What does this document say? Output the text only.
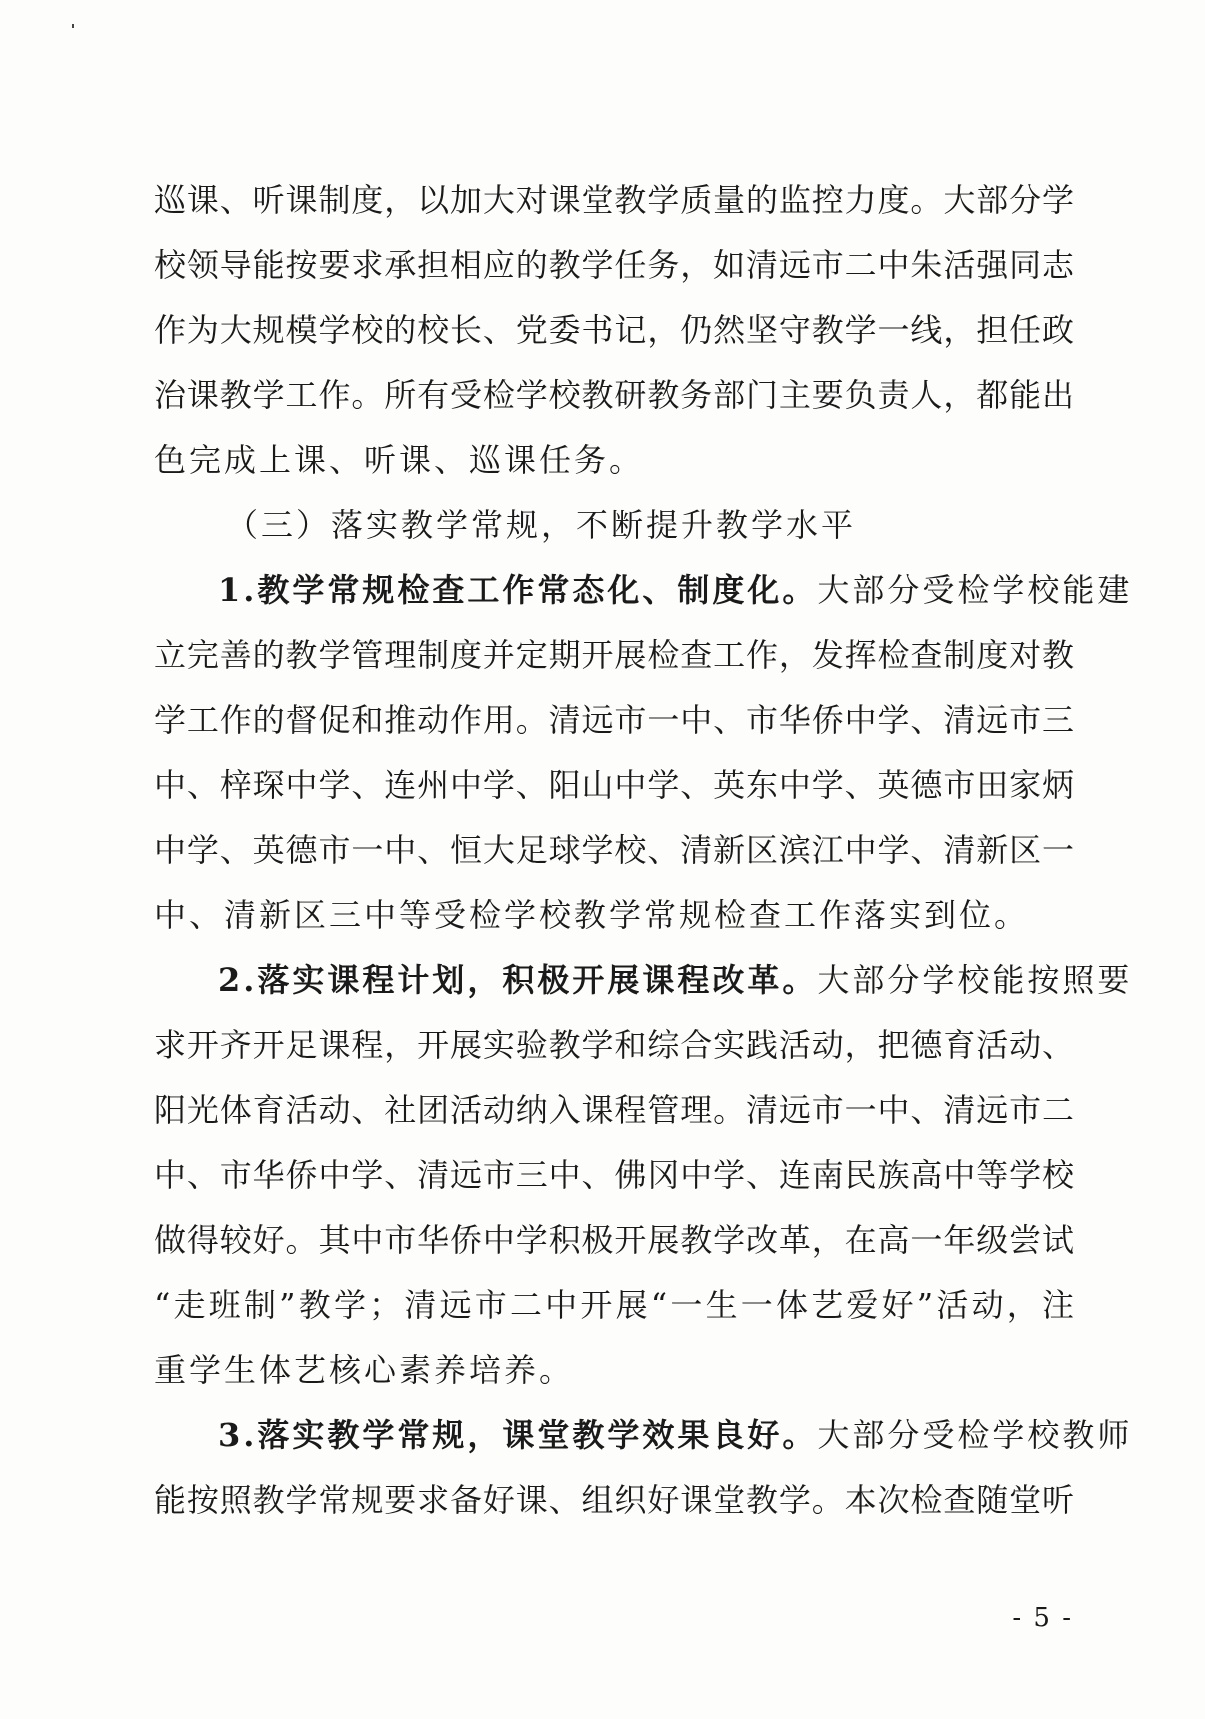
巡课、听课制度，以加大对课堂教学质量的监控力度。大部分学
校领导能按要求承担相应的教学任务，如清远市二中朱活强同志
作为大规模学校的校长、党委书记，仍然坚守教学一线，担任政
治课教学工作。所有受检学校教研教务部门主要负责人，都能出
色完成上课、听课、巡课任务。
（三）落实教学常规，不断提升教学水平
1.教学常规检查工作常态化、制度化。大部分受检学校能建
立完善的教学管理制度并定期开展检查工作，发挥检查制度对教
学工作的督促和推动作用。清远市一中、市华侨中学、清远市三
中、梓琛中学、连州中学、阳山中学、英东中学、英德市田家炳
中学、英德市一中、恒大足球学校、清新区滨江中学、清新区一
中、清新区三中等受检学校教学常规检查工作落实到位。
2.落实课程计划，积极开展课程改革。大部分学校能按照要
求开齐开足课程，开展实验教学和综合实践活动，把德育活动、
阳光体育活动、社团活动纳入课程管理。清远市一中、清远市二
中、市华侨中学、清远市三中、佛冈中学、连南民族高中等学校
做得较好。其中市华侨中学积极开展教学改革，在高一年级尝试
“走班制”教学；清远市二中开展“一生一体艺爱好”活动，注
重学生体艺核心素养培养。
3.落实教学常规，课堂教学效果良好。大部分受检学校教师
能按照教学常规要求备好课、组织好课堂教学。本次检查随堂听
- 5 -
